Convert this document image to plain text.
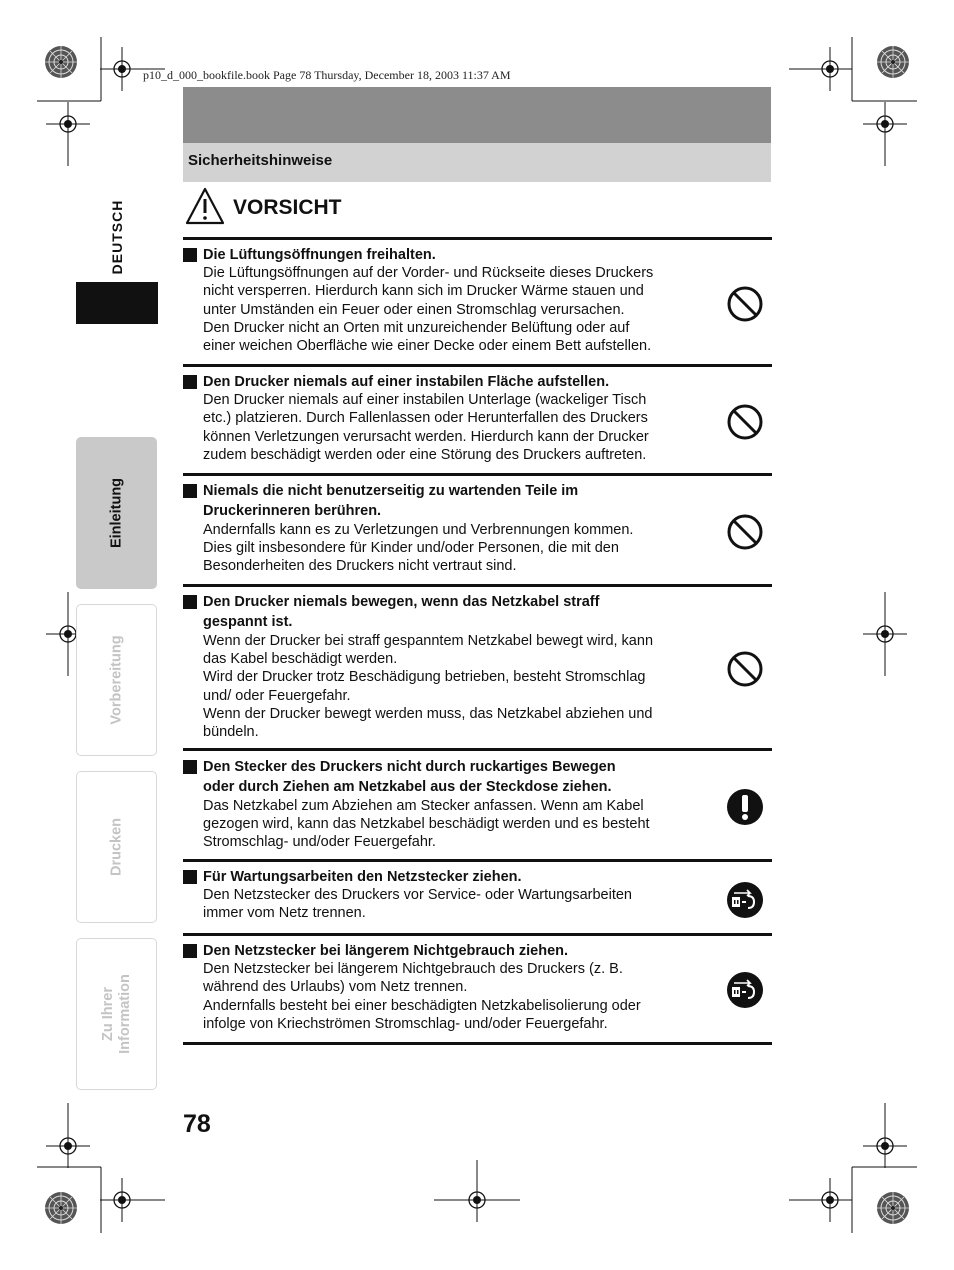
p10_d_000_bookfile.book Page 78 Thursday, December 18, 2003 11:37 AM
Sicherheitshinweise
VORSICHT
Die Lüftungsöffnungen freihalten.
Die Lüftungsöffnungen auf der Vorder- und Rückseite dieses Druckers
nicht versperren. Hierdurch kann sich im Drucker Wärme stauen und
unter Umständen ein Feuer oder einen Stromschlag verursachen.
Den Drucker nicht an Orten mit unzureichender Belüftung oder auf
einer weichen Oberfläche wie einer Decke oder einem Bett aufstellen.
Den Drucker niemals auf einer instabilen Fläche aufstellen.
Den Drucker niemals auf einer instabilen Unterlage (wackeliger Tisch
etc.) platzieren. Durch Fallenlassen oder Herunterfallen des Druckers
können Verletzungen verursacht werden. Hierdurch kann der Drucker
zudem beschädigt werden oder eine Störung des Druckers auftreten.
Niemals die nicht benutzerseitig zu wartenden Teile im
Druckerinneren berühren.
Andernfalls kann es zu Verletzungen und Verbrennungen kommen.
Dies gilt insbesondere für Kinder und/oder Personen, die mit den
Besonderheiten des Druckers nicht vertraut sind.
Den Drucker niemals bewegen, wenn das Netzkabel straff
gespannt ist.
Wenn der Drucker bei straff gespanntem Netzkabel bewegt wird, kann
das Kabel beschädigt werden.
Wird der Drucker trotz Beschädigung betrieben, besteht Stromschlag
und/ oder Feuergefahr.
Wenn der Drucker bewegt werden muss, das Netzkabel abziehen und
bündeln.
Den Stecker des Druckers nicht durch ruckartiges Bewegen
oder durch Ziehen am Netzkabel aus der Steckdose ziehen.
Das Netzkabel zum Abziehen am Stecker anfassen. Wenn am Kabel
gezogen wird, kann das Netzkabel beschädigt werden und es besteht
Stromschlag- und/oder Feuergefahr.
Für Wartungsarbeiten den Netzstecker ziehen.
Den Netzstecker des Druckers vor Service- oder Wartungsarbeiten
immer vom Netz trennen.
Den Netzstecker bei längerem Nichtgebrauch ziehen.
Den Netzstecker bei längerem Nichtgebrauch des Druckers (z. B.
während des Urlaubs) vom Netz trennen.
Andernfalls besteht bei einer beschädigten Netzkabelisolierung oder
infolge von Kriechströmen Stromschlag- und/oder Feuergefahr.
DEUTSCH
Einleitung
Vorbereitung
Drucken
Zu Ihrer
Information
78
